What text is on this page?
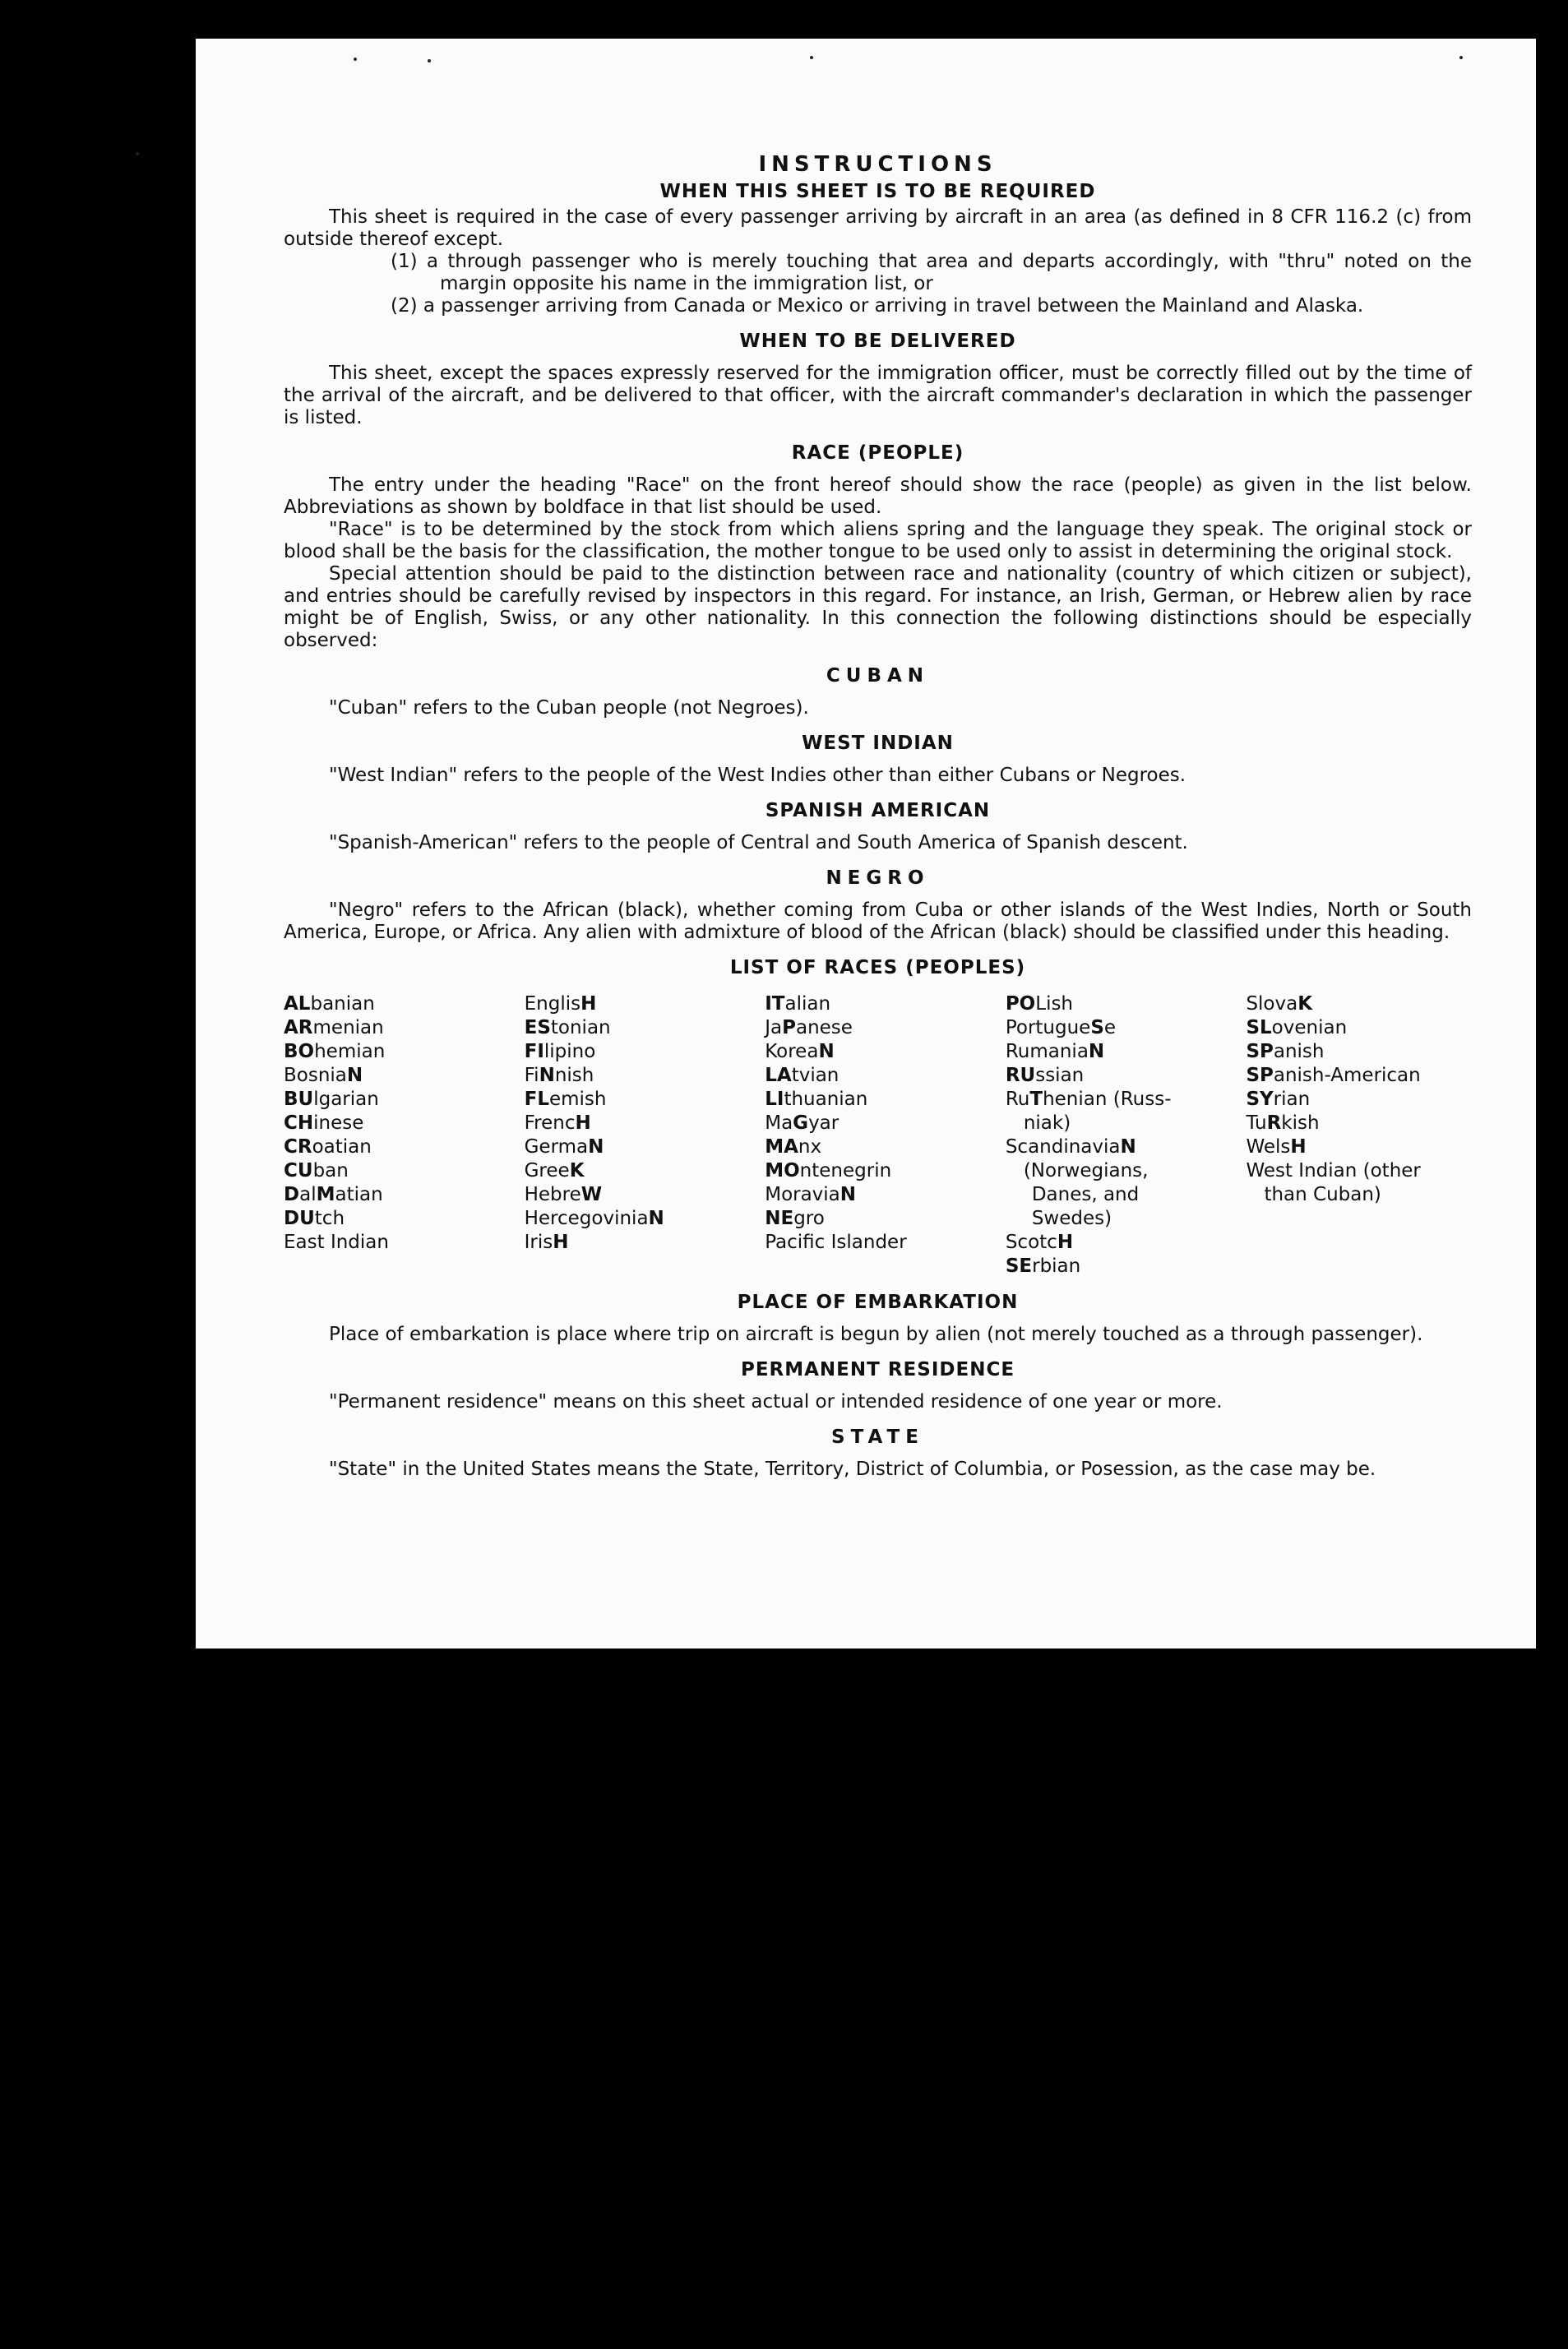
INSTRUCTIONS
WHEN THIS SHEET IS TO BE REQUIRED

This sheet is required in the case of every passenger arriving by aircraft in an area (as defined in 8 CFR 116.2 (c) from outside thereof except.

(1) a through passenger who is merely touching that area and departs accordingly, with "thru" noted on the margin opposite his name in the immigration list, or

(2) a passenger arriving from Canada or Mexico or arriving in travel between the Mainland and Alaska.

WHEN TO BE DELIVERED

This sheet, except the spaces expressly reserved for the immigration officer, must be correctly filled out by the time of the arrival of the aircraft, and be delivered to that officer, with the aircraft commander's declaration in which the passenger is listed.

RACE (PEOPLE)

The entry under the heading "Race" on the front hereof should show the race (people) as given in the list below. Abbreviations as shown by boldface in that list should be used.

"Race" is to be determined by the stock from which aliens spring and the language they speak. The original stock or blood shall be the basis for the classification, the mother tongue to be used only to assist in determining the original stock.

Special attention should be paid to the distinction between race and nationality (country of which citizen or subject), and entries should be carefully revised by inspectors in this regard. For instance, an Irish, German, or Hebrew alien by race might be of English, Swiss, or any other nationality. In this connection the following distinctions should be especially observed:

CUBAN

"Cuban" refers to the Cuban people (not Negroes).

WEST INDIAN

"West Indian" refers to the people of the West Indies other than either Cubans or Negroes.

SPANISH AMERICAN

"Spanish-American" refers to the people of Central and South America of Spanish descent.

NEGRO

"Negro" refers to the African (black), whether coming from Cuba or other islands of the West Indies, North or South America, Europe, or Africa. Any alien with admixture of blood of the African (black) should be classified under this heading.

LIST OF RACES (PEOPLES)
ALbanian
ARmenian
BOhemian
BosniaN
BUlgarian
CHinese
CRoatian
CUban
DalMatian
DUtch
East Indian
EnglisH
EStonian
FIlipino
FiNnish
FLemish
FrencH
GermaN
GreeK
HebreW
HercegoviniaN
IrisH
ITalian
JaPanese
KoreaN
LAtvian
LIthuanian
MaGyar
MAnx
MOntenegrin
MoraviaN
NEgro
Pacific Islander
POLish
PortugueSe
RumaniaN
RUssian
RuThenian (Russ-
niak)
ScandinaviaN
(Norwegians,
Danes, and
Swedes)
ScotcH
SErbian
SlovaK
SLovenian
SPanish
SPanish-American
SYrian
TuRkish
WelsH
West Indian (other
than Cuban)
PLACE OF EMBARKATION

Place of embarkation is place where trip on aircraft is begun by alien (not merely touched as a through passenger).

PERMANENT RESIDENCE

"Permanent residence" means on this sheet actual or intended residence of one year or more.

STATE

"State" in the United States means the State, Territory, District of Columbia, or Posession, as the case may be.
